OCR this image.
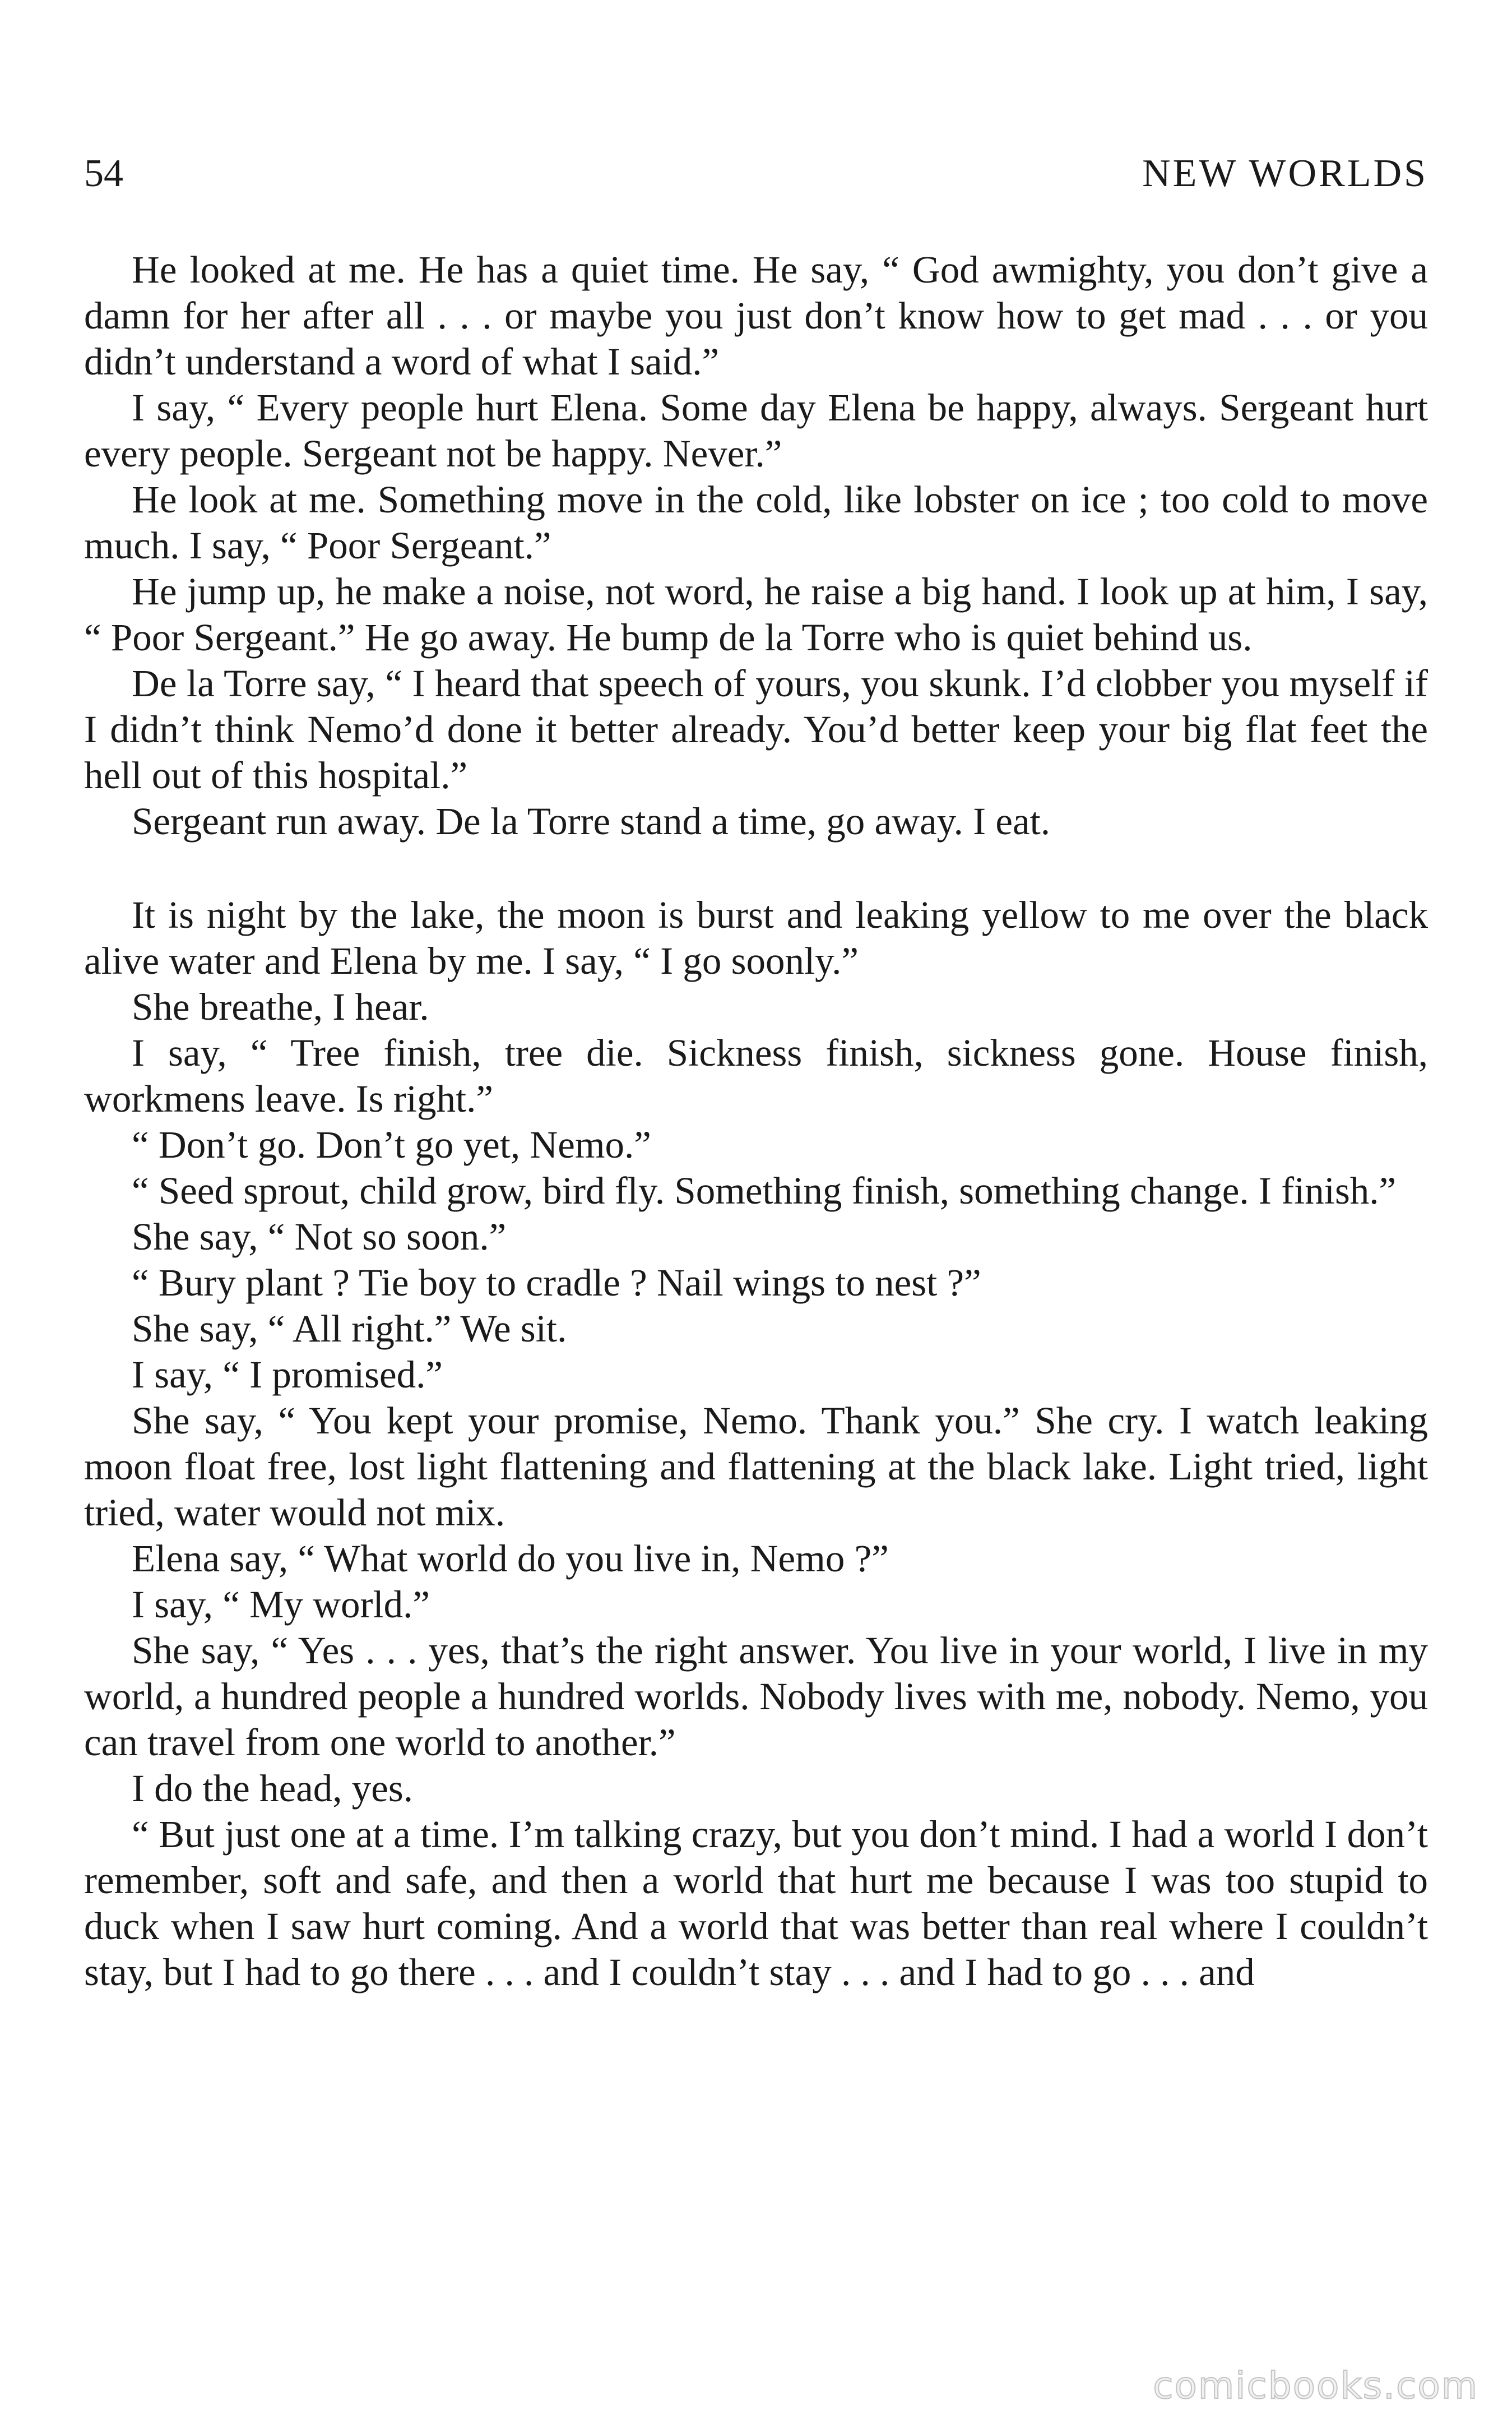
54	NEW WORLDS

He looked at me. He has a quiet time. He say, “ God awmighty, you don’t give a damn for her after all . . . or maybe you just don’t know how to get mad . . . or you didn’t understand a word of what I said.”

I say, “ Every people hurt Elena. Some day Elena be happy, always. Sergeant hurt every people. Sergeant not be happy. Never.”

He look at me. Something move in the cold, like lobster on ice ; too cold to move much. I say, “ Poor Sergeant.”

He jump up, he make a noise, not word, he raise a big hand. I look up at him, I say, “ Poor Sergeant.” He go away. He bump de la Torre who is quiet behind us.

De la Torre say, “ I heard that speech of yours, you skunk. I’d clobber you myself if I didn’t think Nemo’d done it better already. You’d better keep your big flat feet the hell out of this hospital.”

Sergeant run away. De la Torre stand a time, go away. I eat.

It is night by the lake, the moon is burst and leaking yellow to me over the black alive water and Elena by me. I say, “ I go soonly.”

She breathe, I hear.

I say, “ Tree finish, tree die. Sickness finish, sickness gone. House finish, workmens leave. Is right.”

“ Don’t go. Don’t go yet, Nemo.”

“ Seed sprout, child grow, bird fly. Something finish, something change. I finish.”

She say, “ Not so soon.”

“ Bury plant ? Tie boy to cradle ? Nail wings to nest ?”

She say, “ All right.” We sit.

I say, “ I promised.”

She say, “ You kept your promise, Nemo. Thank you.” She cry. I watch leaking moon float free, lost light flattening and flattening at the black lake. Light tried, light tried, water would not mix.

Elena say, “ What world do you live in, Nemo ?”

I say, “ My world.”

She say, “ Yes . . . yes, that’s the right answer. You live in your world, I live in my world, a hundred people a hundred worlds. Nobody lives with me, nobody. Nemo, you can travel from one world to another.”

I do the head, yes.

“ But just one at a time. I’m talking crazy, but you don’t mind. I had a world I don’t remember, soft and safe, and then a world that hurt me because I was too stupid to duck when I saw hurt coming. And a world that was better than real where I couldn’t stay, but I had to go there . . . and I couldn’t stay . . . and I had to go . . . and

comicbooks.com
